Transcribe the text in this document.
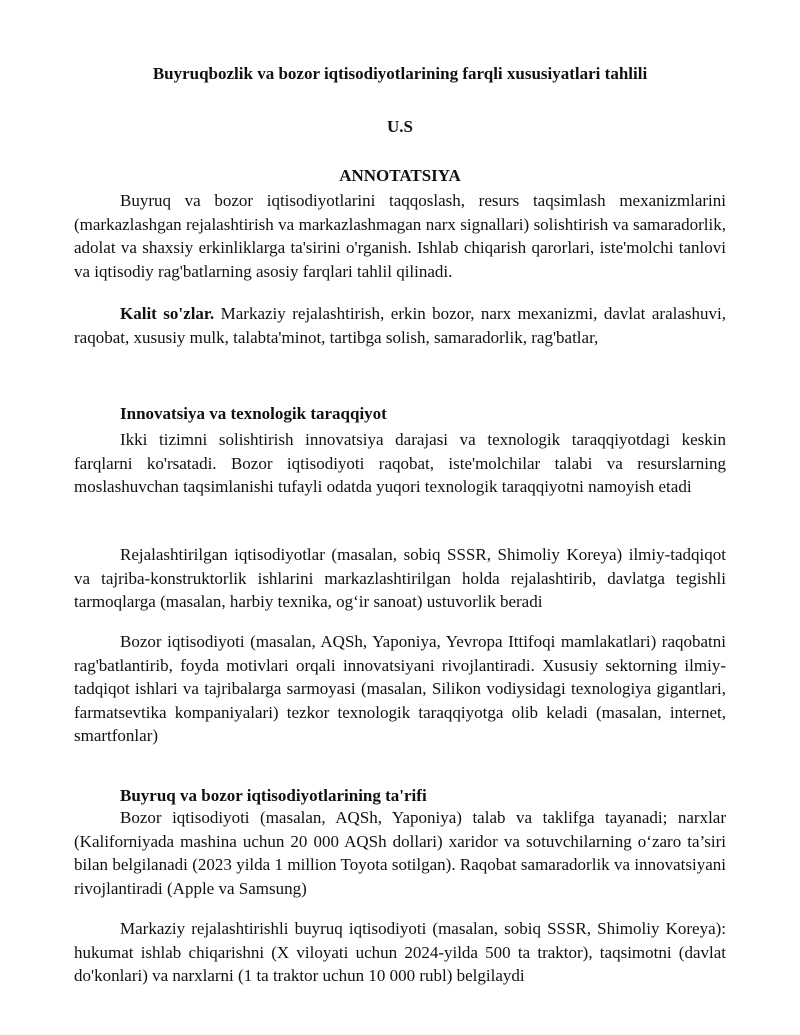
Buyruqbozlik va bozor iqtisodiyotlarining farqli xususiyatlari tahlili
U.S
ANNOTATSIYA
Buyruq va bozor iqtisodiyotlarini taqqoslash, resurs taqsimlash mexanizmlarini (markazlashgan rejalashtirish va markazlashmagan narx signallari) solishtirish va samaradorlik, adolat va shaxsiy erkinliklarga ta'sirini o'rganish. Ishlab chiqarish qarorlari, iste'molchi tanlovi va iqtisodiy rag'batlarning asosiy farqlari tahlil qilinadi.
Kalit so'zlar. Markaziy rejalashtirish, erkin bozor, narx mexanizmi, davlat aralashuvi, raqobat, xususiy mulk, talabta'minot, tartibga solish, samaradorlik, rag'batlar,
Innovatsiya va texnologik taraqqiyot
Ikki tizimni solishtirish innovatsiya darajasi va texnologik taraqqiyotdagi keskin farqlarni ko'rsatadi. Bozor iqtisodiyoti raqobat, iste'molchilar talabi va resurslarning moslashuvchan taqsimlanishi tufayli odatda yuqori texnologik taraqqiyotni namoyish etadi
Rejalashtirilgan iqtisodiyotlar (masalan, sobiq SSSR, Shimoliy Koreya) ilmiy-tadqiqot va tajriba-konstruktorlik ishlarini markazlashtirilgan holda rejalashtirib, davlatga tegishli tarmoqlarga (masalan, harbiy texnika, og‘ir sanoat) ustuvorlik beradi
Bozor iqtisodiyoti (masalan, AQSh, Yaponiya, Yevropa Ittifoqi mamlakatlari) raqobatni rag'batlantirib, foyda motivlari orqali innovatsiyani rivojlantiradi. Xususiy sektorning ilmiy-tadqiqot ishlari va tajribalarga sarmoyasi (masalan, Silikon vodiysidagi texnologiya gigantlari, farmatsevtika kompaniyalari) tezkor texnologik taraqqiyotga olib keladi (masalan, internet, smartfonlar)
Buyruq va bozor iqtisodiyotlarining ta'rifi
Bozor iqtisodiyoti (masalan, AQSh, Yaponiya) talab va taklifga tayanadi; narxlar (Kaliforniyada mashina uchun 20 000 AQSh dollari) xaridor va sotuvchilarning o‘zaro ta’siri bilan belgilanadi (2023 yilda 1 million Toyota sotilgan). Raqobat samaradorlik va innovatsiyani rivojlantiradi (Apple va Samsung)
Markaziy rejalashtirishli buyruq iqtisodiyoti (masalan, sobiq SSSR, Shimoliy Koreya): hukumat ishlab chiqarishni (X viloyati uchun 2024-yilda 500 ta traktor), taqsimotni (davlat do'konlari) va narxlarni (1 ta traktor uchun 10 000 rubl) belgilaydi
